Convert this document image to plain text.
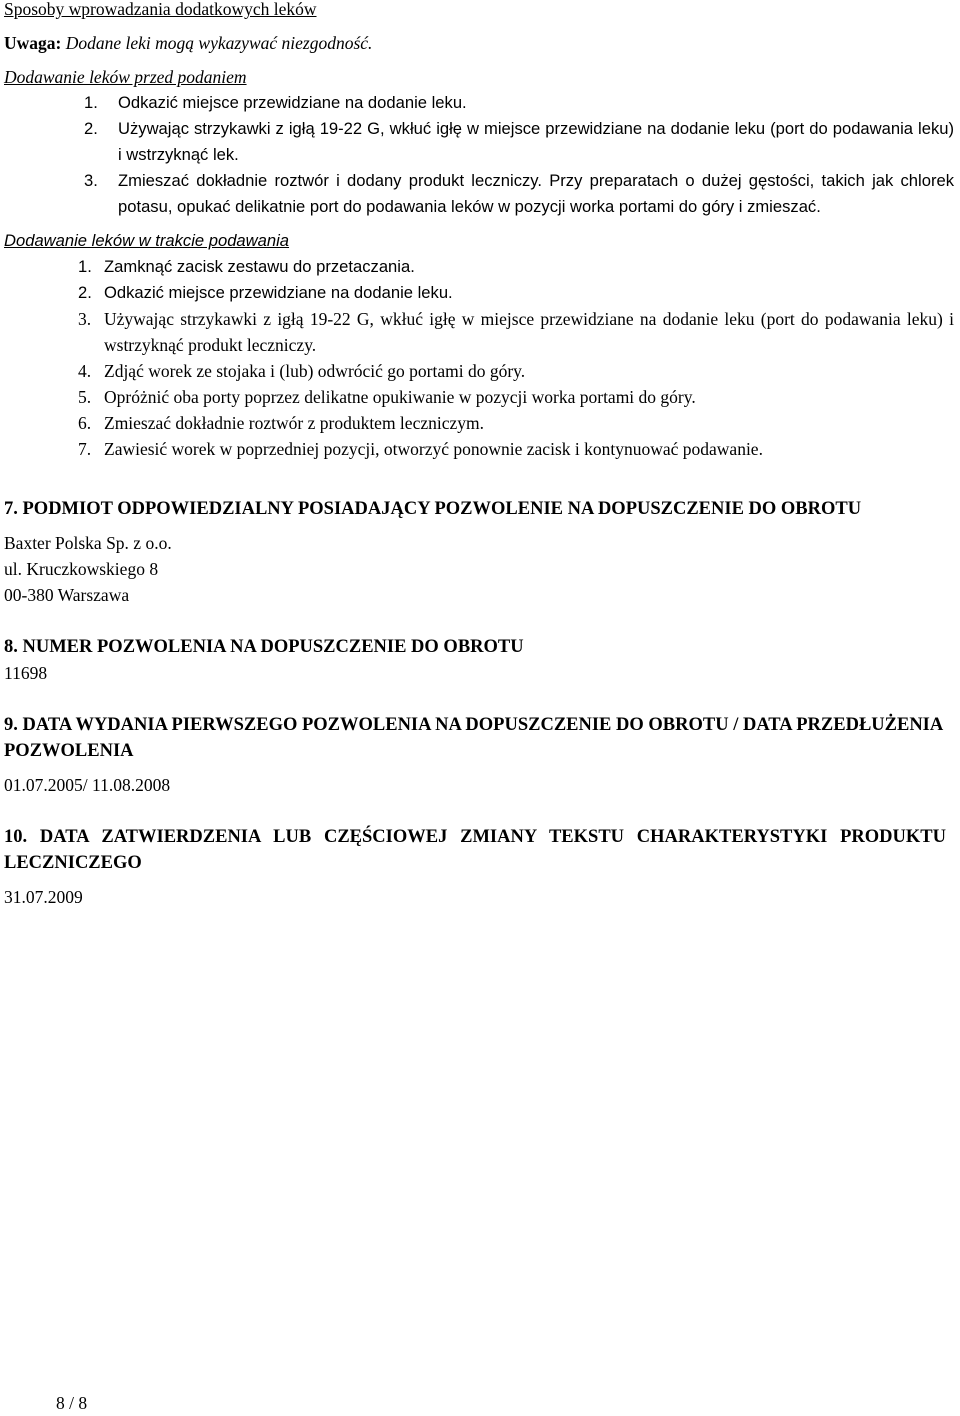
Sposoby wprowadzania dodatkowych leków
Uwaga: Dodane leki mogą wykazywać niezgodność.
Dodawanie leków przed podaniem
1. Odkazić miejsce przewidziane na dodanie leku.
2. Używając strzykawki z igłą 19-22 G, wkłuć igłę w miejsce przewidziane na dodanie leku (port do podawania leku) i wstrzyknąć lek.
3. Zmieszać dokładnie roztwór i dodany produkt leczniczy. Przy preparatach o dużej gęstości, takich jak chlorek potasu, opukać delikatnie port do podawania leków w pozycji worka portami do góry i zmieszać.
Dodawanie leków w trakcie podawania
1. Zamknąć zacisk zestawu do przetaczania.
2. Odkazić miejsce przewidziane na dodanie leku.
3. Używając strzykawki z igłą 19-22 G, wkłuć igłę w miejsce przewidziane na dodanie leku (port do podawania leku) i wstrzyknąć produkt leczniczy.
4. Zdjąć worek ze stojaka i (lub) odwrócić go portami do góry.
5. Opróżnić oba porty poprzez delikatne opukiwanie w pozycji worka portami do góry.
6. Zmieszać dokładnie roztwór z produktem leczniczym.
7. Zawiesić worek w poprzedniej pozycji, otworzyć ponownie zacisk i kontynuować podawanie.
7. PODMIOT ODPOWIEDZIALNY POSIADAJĄCY POZWOLENIE NA DOPUSZCZENIE DO OBROTU
Baxter Polska Sp. z o.o.
ul. Kruczkowskiego 8
00-380 Warszawa
8. NUMER POZWOLENIA NA DOPUSZCZENIE DO OBROTU
11698
9. DATA WYDANIA PIERWSZEGO POZWOLENIA NA DOPUSZCZENIE DO OBROTU / DATA PRZEDŁUŻENIA POZWOLENIA
01.07.2005/ 11.08.2008
10. DATA ZATWIERDZENIA LUB CZĘŚCIOWEJ ZMIANY TEKSTU CHARAKTERYSTYKI PRODUKTU LECZNICZEGO
31.07.2009
8 / 8
